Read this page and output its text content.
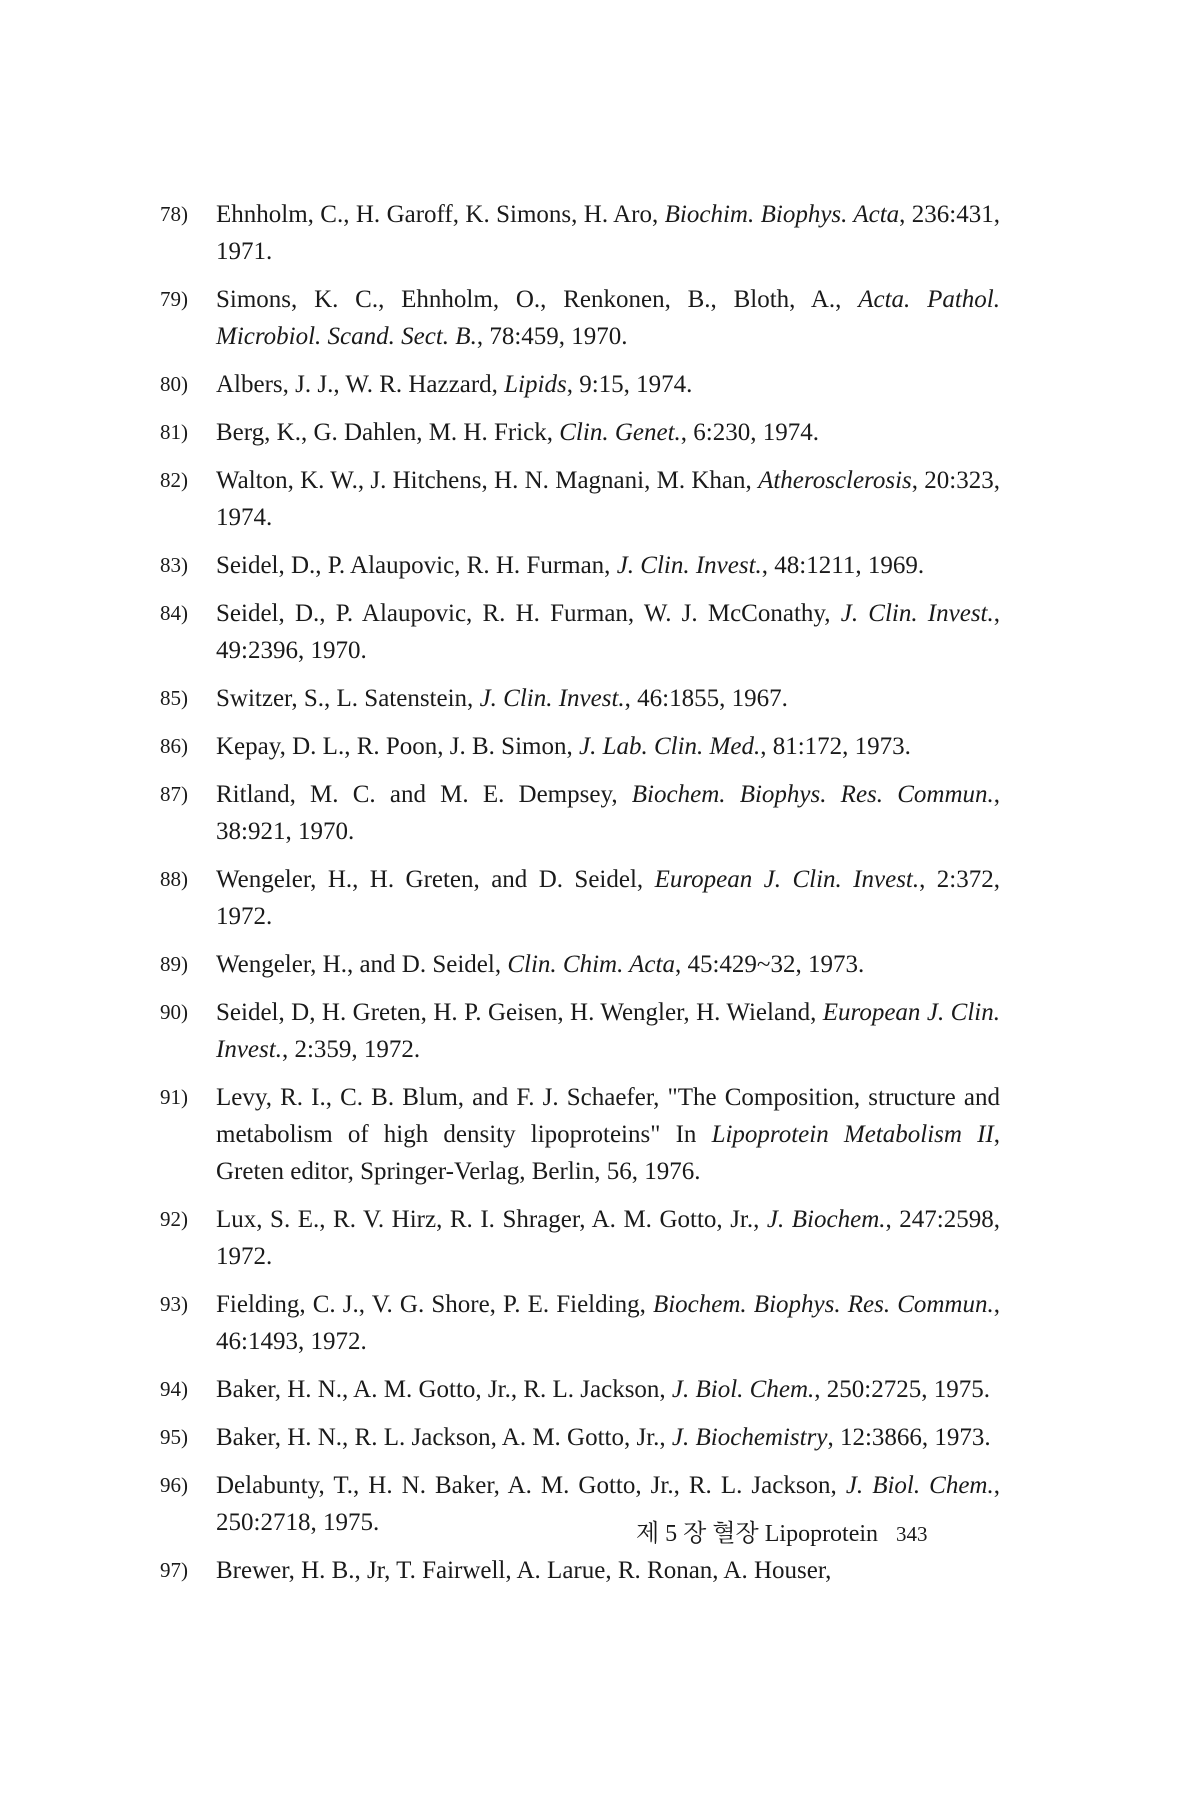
78)	Ehnholm, C., H. Garoff, K. Simons, H. Aro, Biochim. Biophys. Acta, 236:431, 1971.
79)	Simons, K. C., Ehnholm, O., Renkonen, B., Bloth, A., Acta. Pathol. Microbiol. Scand. Sect. B., 78:459, 1970.
80)	Albers, J. J., W. R. Hazzard, Lipids, 9:15, 1974.
81)	Berg, K., G. Dahlen, M. H. Frick, Clin. Genet., 6:230, 1974.
82)	Walton, K. W., J. Hitchens, H. N. Magnani, M. Khan, Atherosclerosis, 20:323, 1974.
83)	Seidel, D., P. Alaupovic, R. H. Furman, J. Clin. Invest., 48:1211, 1969.
84)	Seidel, D., P. Alaupovic, R. H. Furman, W. J. McConathy, J. Clin. Invest., 49:2396, 1970.
85)	Switzer, S., L. Satenstein, J. Clin. Invest., 46:1855, 1967.
86)	Kepay, D. L., R. Poon, J. B. Simon, J. Lab. Clin. Med., 81:172, 1973.
87)	Ritland, M. C. and M. E. Dempsey, Biochem. Biophys. Res. Commun., 38:921, 1970.
88)	Wengeler, H., H. Greten, and D. Seidel, European J. Clin. Invest., 2:372, 1972.
89)	Wengeler, H., and D. Seidel, Clin. Chim. Acta, 45:429~32, 1973.
90)	Seidel, D, H. Greten, H. P. Geisen, H. Wengler, H. Wieland, European J. Clin. Invest., 2:359, 1972.
91)	Levy, R. I., C. B. Blum, and F. J. Schaefer, "The Composition, structure and metabolism of high density lipoproteins" In Lipoprotein Metabolism II, Greten editor, Springer-Verlag, Berlin, 56, 1976.
92)	Lux, S. E., R. V. Hirz, R. I. Shrager, A. M. Gotto, Jr., J. Biochem., 247:2598, 1972.
93)	Fielding, C. J., V. G. Shore, P. E. Fielding, Biochem. Biophys. Res. Commun., 46:1493, 1972.
94)	Baker, H. N., A. M. Gotto, Jr., R. L. Jackson, J. Biol. Chem., 250:2725, 1975.
95)	Baker, H. N., R. L. Jackson, A. M. Gotto, Jr., J. Biochemistry, 12:3866, 1973.
96)	Delabunty, T., H. N. Baker, A. M. Gotto, Jr., R. L. Jackson, J. Biol. Chem., 250:2718, 1975.
97)	Brewer, H. B., Jr, T. Fairwell, A. Larue, R. Ronan, A. Houser,
제 5 장 혈장 Lipoprotein 343
